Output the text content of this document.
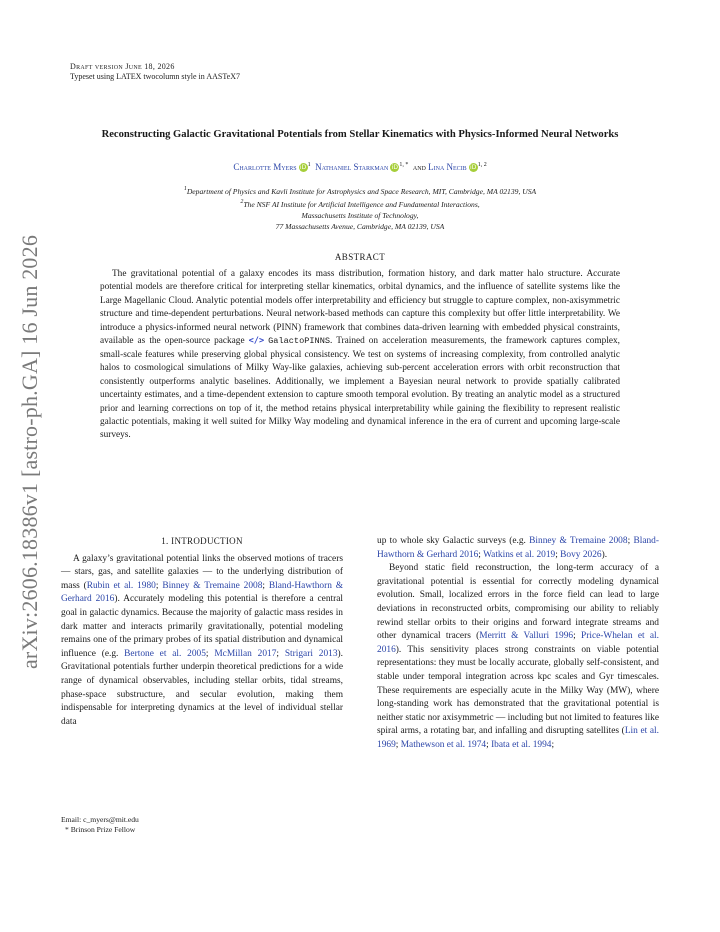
arXiv:2606.18386v1 [astro-ph.GA] 16 Jun 2026
Draft version June 18, 2026
Typeset using LATEX twocolumn style in AASTeX7
Reconstructing Galactic Gravitational Potentials from Stellar Kinematics with Physics-Informed Neural Networks
Charlotte Myers $iD^1$ Nathaniel Starkman $iD^{1, *}$ and Lina Necib iD$^{1, 2}$
$^1$Department of Physics and Kavli Institute for Astrophysics and Space Research, MIT, Cambridge, MA 02139, USA
$^2$The NSF AI Institute for Artificial Intelligence and Fundamental Interactions,
Massachusetts Institute of Technology,
77 Massachusetts Avenue, Cambridge, MA 02139, USA
ABSTRACT
The gravitational potential of a galaxy encodes its mass distribution, formation history, and dark matter halo structure. Accurate potential models are therefore critical for interpreting stellar kinematics, orbital dynamics, and the influence of satellite systems like the Large Magellanic Cloud. Analytic potential models offer interpretability and efficiency but struggle to capture complex, non-axisymmetric structure and time-dependent perturbations. Neural network-based methods can capture this complexity but offer little interpretability. We introduce a physics-informed neural network (PINN) framework that combines data-driven learning with embedded physical constraints, available as the open-source package </> GalactoPINNS. Trained on acceleration measurements, the framework captures complex, small-scale features while preserving global physical consistency. We test on systems of increasing complexity, from controlled analytic halos to cosmological simulations of Milky Way-like galaxies, achieving sub-percent acceleration errors with orbit reconstruction that consistently outperforms analytic baselines. Additionally, we implement a Bayesian neural network to provide spatially calibrated uncertainty estimates, and a time-dependent extension to capture smooth temporal evolution. By treating an analytic model as a structured prior and learning corrections on top of it, the method retains physical interpretability while gaining the flexibility to represent realistic galactic potentials, making it well suited for Milky Way modeling and dynamical inference in the era of current and upcoming large-scale surveys.
1. INTRODUCTION

A galaxy’s gravitational potential links the observed motions of tracers — stars, gas, and satellite galaxies — to the underlying distribution of mass (Rubin et al. 1980; Binney & Tremaine 2008; Bland-Hawthorn & Gerhard 2016). Accurately modeling this potential is therefore a central goal in galactic dynamics. Because the majority of galactic mass resides in dark matter and interacts primarily gravitationally, potential modeling remains one of the primary probes of its spatial distribution and dynamical influence (e.g. Bertone et al. 2005; McMillan 2017; Strigari 2013). Gravitational potentials further underpin theoretical predictions for a wide range of dynamical observables, including stellar orbits, tidal streams, phase-space substructure, and secular evolution, making them indispensable for interpreting dynamics at the level of individual stellar data

up to whole sky Galactic surveys (e.g. Binney & Tremaine 2008; Bland-Hawthorn & Gerhard 2016; Watkins et al. 2019; Bovy 2026).

Beyond static field reconstruction, the long-term accuracy of a gravitational potential is essential for correctly modeling dynamical evolution. Small, localized errors in the force field can lead to large deviations in reconstructed orbits, compromising our ability to reliably rewind stellar orbits to their origins and forward integrate streams and other dynamical tracers (Merritt & Valluri 1996; Price-Whelan et al. 2016). This sensitivity places strong constraints on viable potential representations: they must be locally accurate, globally self-consistent, and stable under temporal integration across kpc scales and Gyr timescales. These requirements are especially acute in the Milky Way (MW), where long-standing work has demonstrated that the gravitational potential is neither static nor axisymmetric — including but not limited to features like spiral arms, a rotating bar, and infalling and disrupting satellites (Lin et al. 1969; Mathewson et al. 1974; Ibata et al. 1994;

Email: c_myers@mit.edu
* Brinson Prize Fellow
